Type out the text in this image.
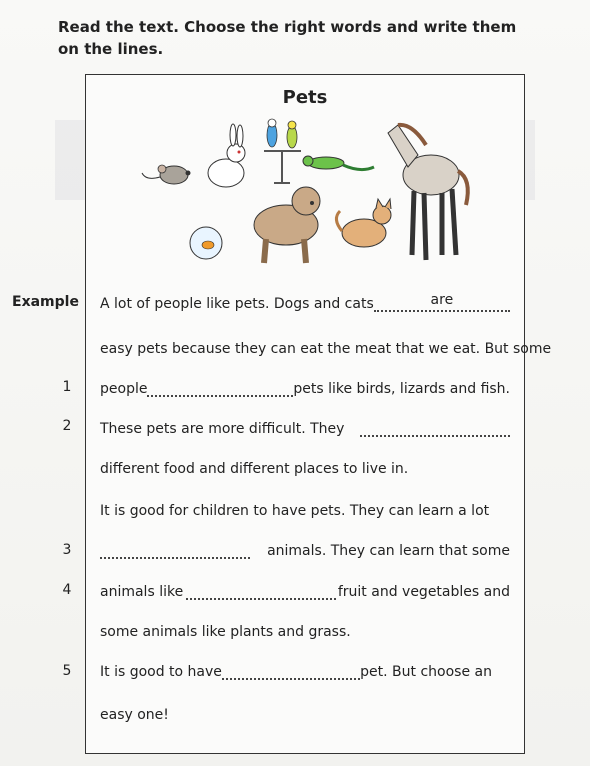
Read the text. Choose the right words and write them on the lines.
Pets
Example A lot of people like pets. Dogs and cats	are
easy pets because they can eat the meat that we eat. But some
1 people	pets like birds, lizards and fish.
2 These pets are more difficult. They
different food and different places to live in.
It is good for children to have pets. They can learn a lot
3	animals. They can learn that some
4 animals like	fruit and vegetables and
some animals like plants and grass.
5 It is good to have	pet. But choose an
easy one!
